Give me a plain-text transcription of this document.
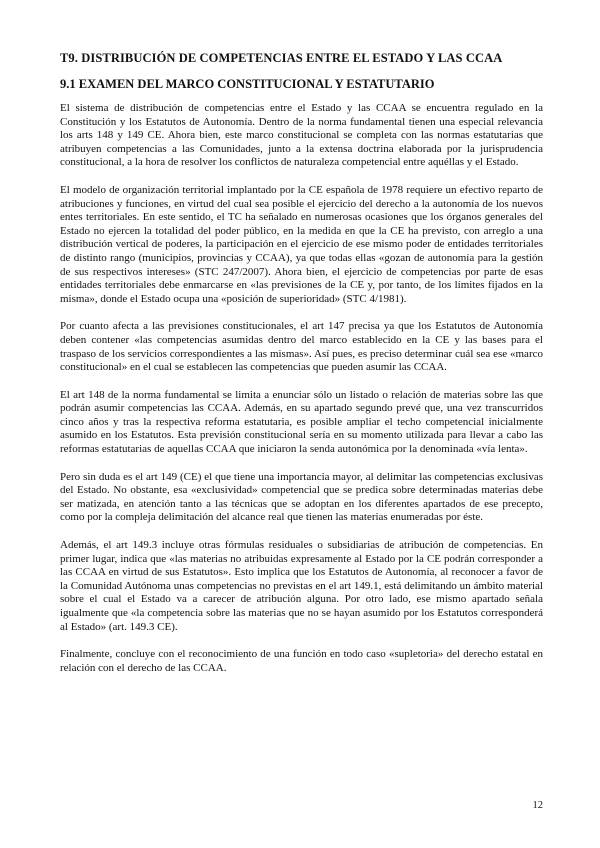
T9. DISTRIBUCIÓN DE COMPETENCIAS ENTRE EL ESTADO Y LAS CCAA
9.1 EXAMEN DEL MARCO CONSTITUCIONAL Y ESTATUTARIO

El sistema de distribución de competencias entre el Estado y las CCAA se encuentra regulado en la Constitución y los Estatutos de Autonomía. Dentro de la norma fundamental tienen una especial relevancia los arts 148 y 149 CE. Ahora bien, este marco constitucional se completa con las normas estatutarias que atribuyen competencias a las Comunidades, junto a la extensa doctrina elaborada por la jurisprudencia constitucional, a la hora de resolver los conflictos de naturaleza competencial entre aquéllas y el Estado.

El modelo de organización territorial implantado por la CE española de 1978 requiere un efectivo reparto de atribuciones y funciones, en virtud del cual sea posible el ejercicio del derecho a la autonomía de los nuevos entes territoriales. En este sentido, el TC ha señalado en numerosas ocasiones que los órganos generales del Estado no ejercen la totalidad del poder público, en la medida en que la CE ha previsto, con arreglo a una distribución vertical de poderes, la participación en el ejercicio de ese mismo poder de entidades territoriales de distinto rango (municipios, provincias y CCAA), ya que todas ellas «gozan de autonomía para la gestión de sus respectivos intereses» (STC 247/2007). Ahora bien, el ejercicio de competencias por parte de esas entidades territoriales debe enmarcarse en «las previsiones de la CE y, por tanto, de los límites fijados en la misma», donde el Estado ocupa una «posición de superioridad» (STC 4/1981).

Por cuanto afecta a las previsiones constitucionales, el art 147 precisa ya que los Estatutos de Autonomía deben contener «las competencias asumidas dentro del marco establecido en la CE y las bases para el traspaso de los servicios correspondientes a las mismas». Así pues, es preciso determinar cuál sea ese «marco constitucional» en el cual se establecen las competencias que pueden asumir las CCAA.

El art 148 de la norma fundamental se limita a enunciar sólo un listado o relación de materias sobre las que podrán asumir competencias las CCAA. Además, en su apartado segundo prevé que, una vez transcurridos cinco años y tras la respectiva reforma estatutaria, es posible ampliar el techo competencial inicialmente asumido en los Estatutos. Esta previsión constitucional sería en su momento utilizada para llevar a cabo las reformas estatutarias de aquellas CCAA que iniciaron la senda autonómica por la denominada «vía lenta».

Pero sin duda es el art 149 (CE) el que tiene una importancia mayor, al delimitar las competencias exclusivas del Estado. No obstante, esa «exclusividad» competencial que se predica sobre determinadas materias debe ser matizada, en atención tanto a las técnicas que se adoptan en los diferentes apartados de ese precepto, como por la compleja delimitación del alcance real que tienen las materias enumeradas por éste.

Además, el art 149.3 incluye otras fórmulas residuales o subsidiarias de atribución de competencias. En primer lugar, indica que «las materias no atribuidas expresamente al Estado por la CE podrán corresponder a las CCAA en virtud de sus Estatutos». Esto implica que los Estatutos de Autonomía, al reconocer a favor de la Comunidad Autónoma unas competencias no previstas en el art 149.1, está delimitando un ámbito material sobre el cual el Estado va a carecer de atribución alguna. Por otro lado, ese mismo apartado señala igualmente que «la competencia sobre las materias que no se hayan asumido por los Estatutos corresponderá al Estado» (art. 149.3 CE).

Finalmente, concluye con el reconocimiento de una función en todo caso «supletoria» del derecho estatal en relación con el derecho de las CCAA.

12
